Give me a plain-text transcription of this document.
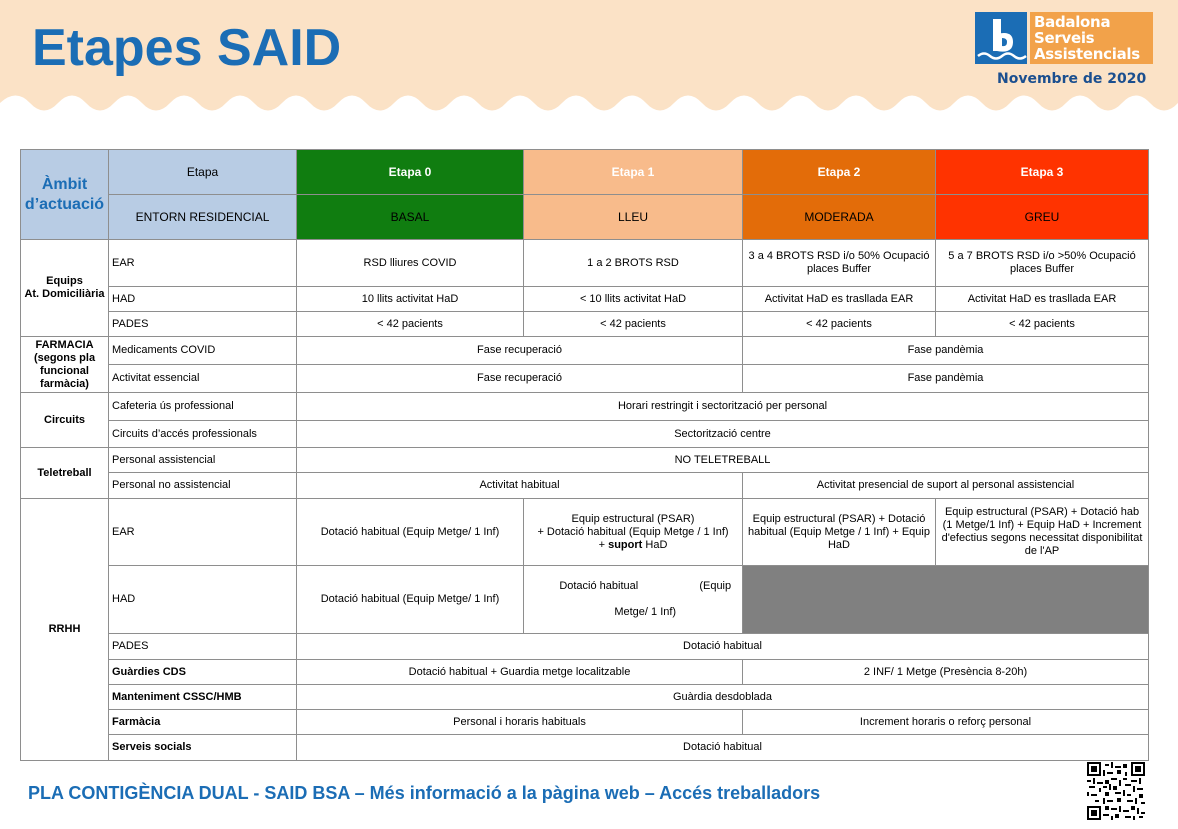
Etapes SAID	Badalona
Serveis
Assistencials
Novembre de 2020
Àmbit d’actuació	Etapa	Etapa 0	Etapa 1	Etapa 2	Etapa 3
	ENTORN RESIDENCIAL	BASAL	LLEU	MODERADA	GREU
Equips
At. Domiciliària	EAR	RSD lliures COVID	1 a 2 BROTS RSD	3 a 4 BROTS RSD i/o 50% Ocupació places Buffer	5 a 7 BROTS RSD i/o >50% Ocupació places Buffer
	HAD	10 llits activitat HaD	< 10 llits activitat HaD	Activitat HaD es trasllada EAR	Activitat HaD es trasllada EAR
	PADES	< 42 pacients	< 42 pacients	< 42 pacients	< 42 pacients
FARMACIA (segons pla funcional farmàcia)	Medicaments COVID	Fase recuperació		Fase pandèmia	
	Activitat essencial	Fase recuperació		Fase pandèmia	
Circuits	Cafeteria ús professional	Horari restringit i sectorització per personal			
	Circuits d’accés professionals	Sectorització centre			
Teletreball	Personal assistencial	NO TELETREBALL			
	Personal no assistencial	Activitat habitual		Activitat presencial de suport al personal assistencial	
RRHH	EAR	Dotació habitual (Equip Metge/ 1 Inf)	Equip estructural (PSAR)
+ Dotació habitual (Equip Metge / 1 Inf)
+ suport HaD	Equip estructural (PSAR) + Dotació habitual (Equip Metge / 1 Inf) + Equip HaD	Equip estructural (PSAR) + Dotació hab (1 Metge/1 Inf) + Equip HaD + Increment d'efectius segons necessitat disponibilitat de l'AP
	HAD	Dotació habitual (Equip Metge/ 1 Inf)	Dotació habitual                    (Equip

Metge/ 1 Inf)	

	PADES	Dotació habitual			
	Guàrdies CDS	Dotació habitual + Guardia metge localitzable		2 INF/ 1 Metge (Presència 8-20h)	
	Manteniment CSSC/HMB	Guàrdia desdoblada			
	Farmàcia	Personal i horaris habituals		Increment horaris o reforç personal	
	Serveis socials	Dotació habitual			
PLA CONTIGÈNCIA DUAL - SAID BSA – Més informació a la pàgina web – Accés treballadors
